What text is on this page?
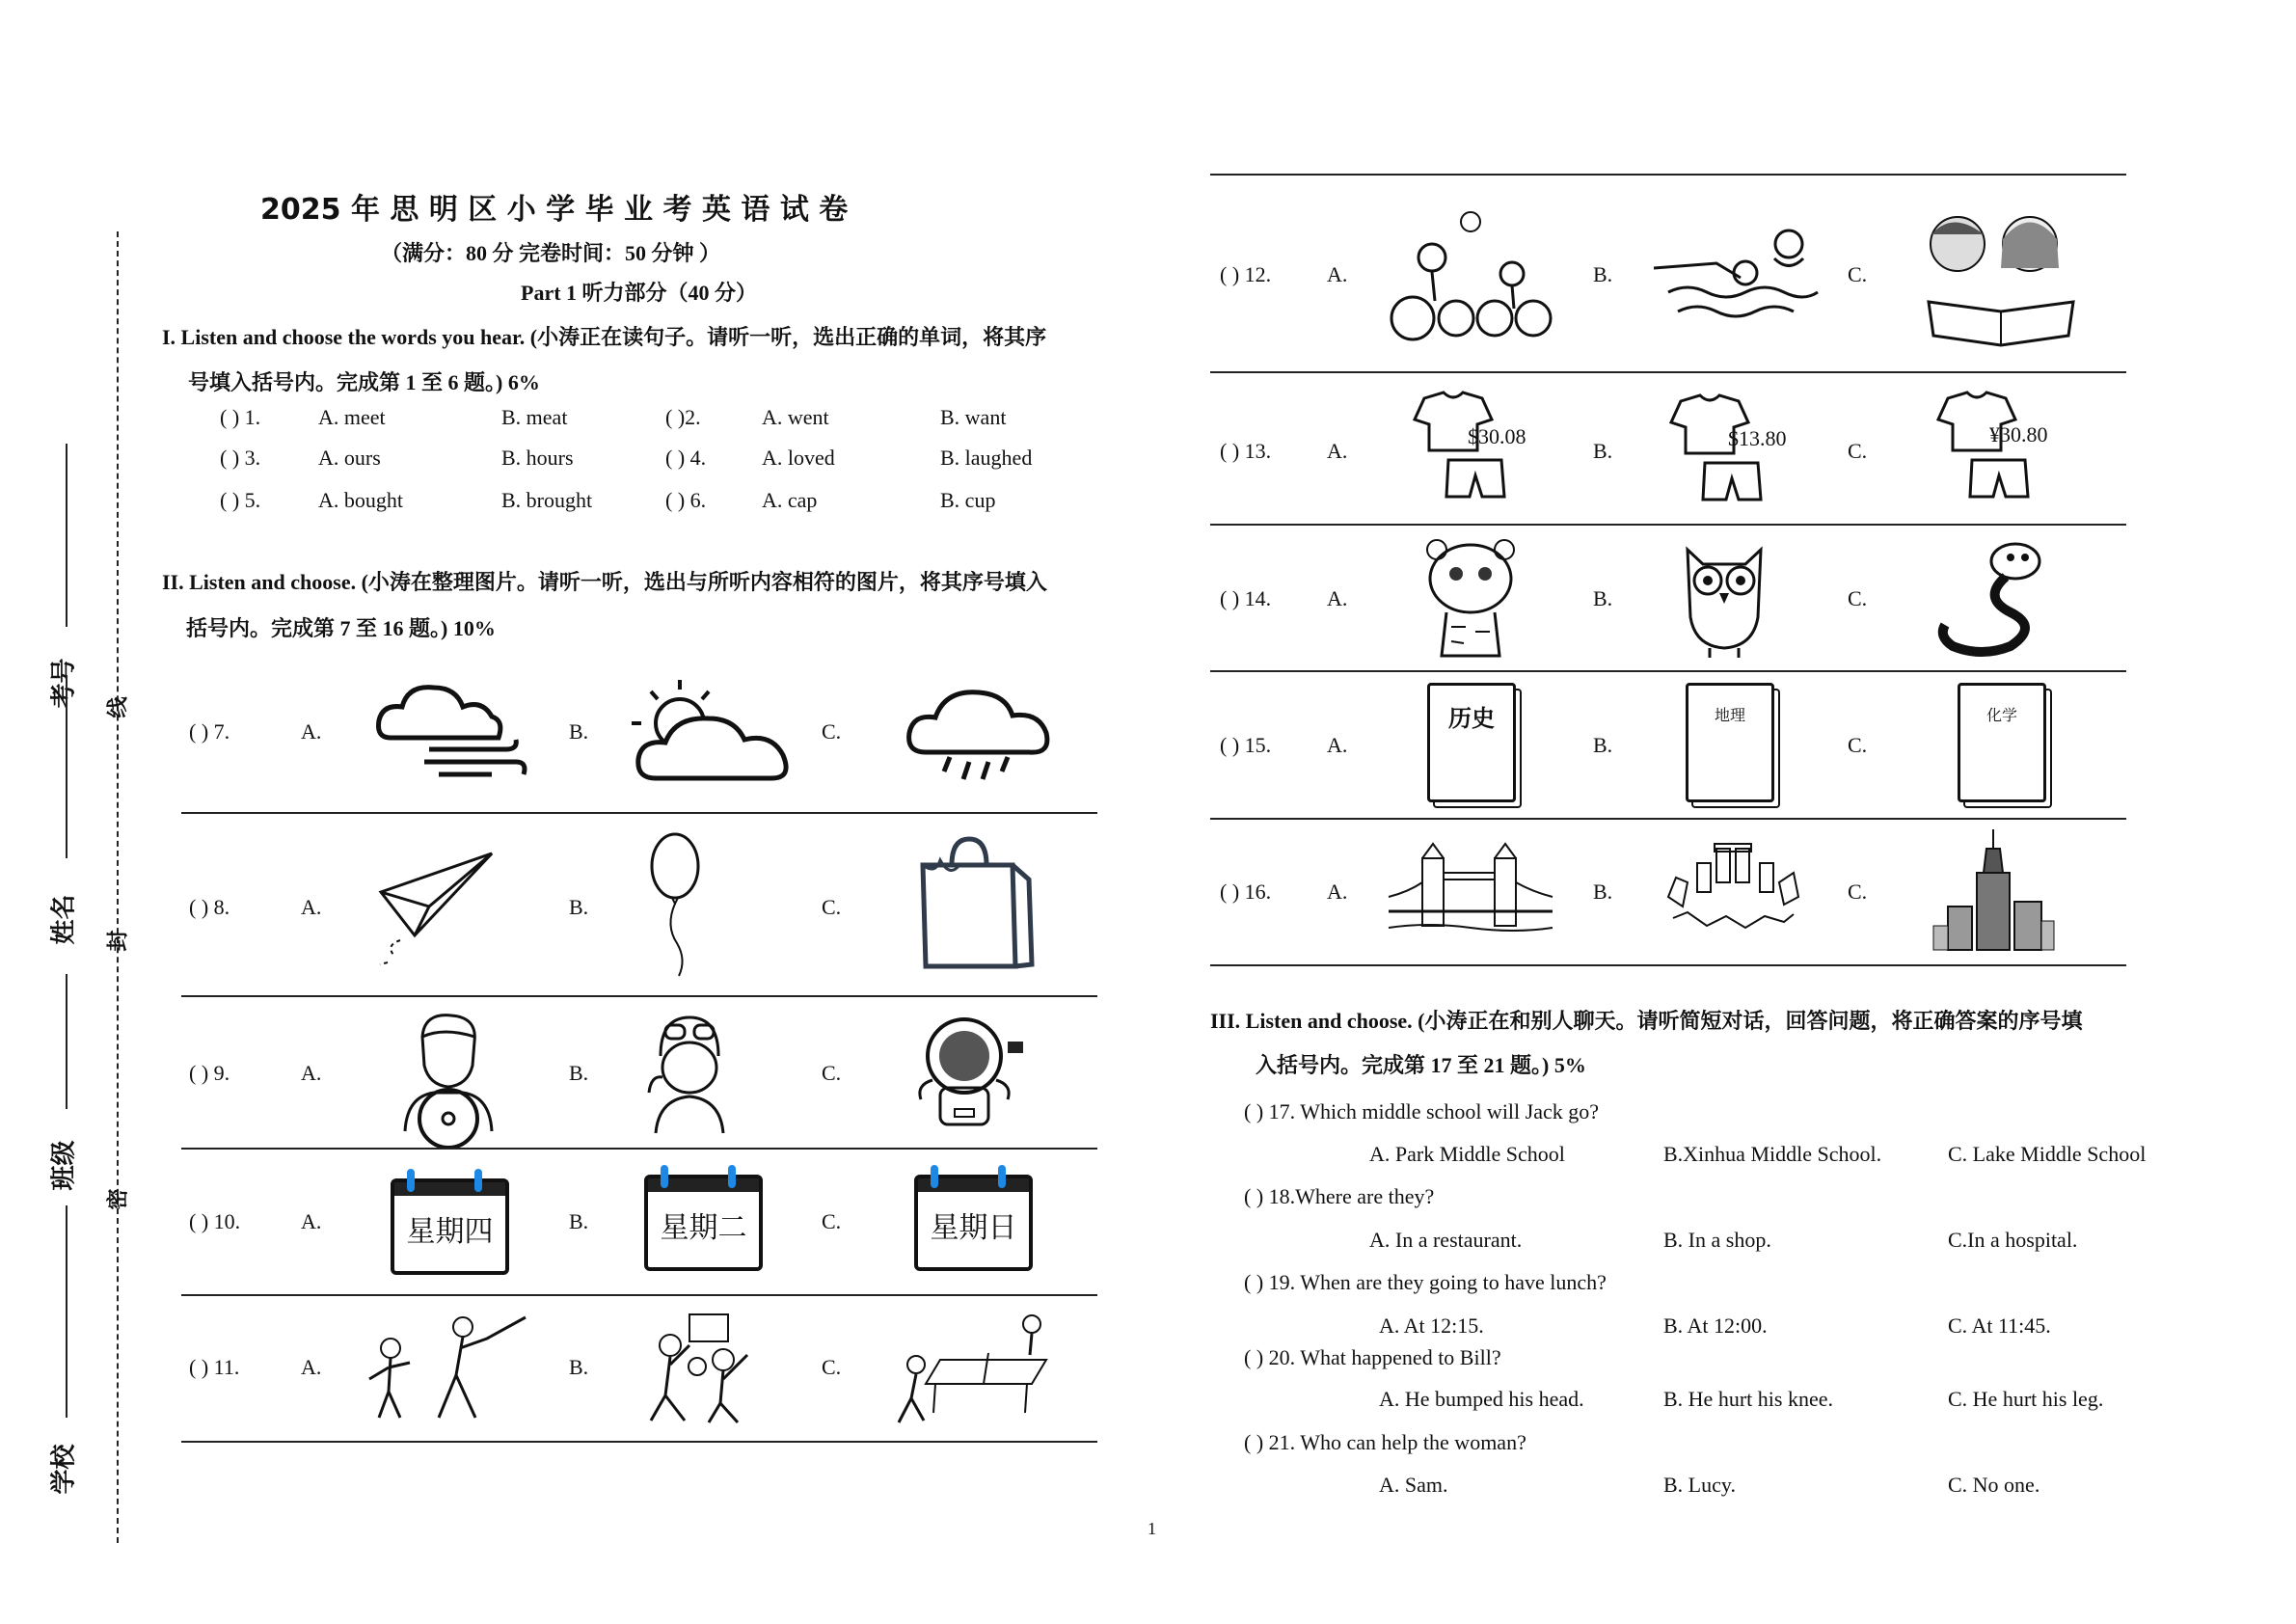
考号
姓名
班级
学校
线
封
密
2025 年 思 明 区 小 学 毕 业 考 英 语 试 卷
（满分：80 分 完卷时间：50 分钟 ）
Part 1 听力部分（40 分）
I. Listen and choose the words you hear. (小涛正在读句子。请听一听，选出正确的单词，将其序
号填入括号内。完成第 1 至 6 题。) 6%
( ) 1.	A. meet	B. meat	( )2.	A. went	B. want
( ) 3.	A. ours	B. hours	( ) 4.	A. loved	B. laughed
( ) 5.	A. bought	B. brought	( ) 6.	A. cap	B. cup
II. Listen and choose. (小涛在整理图片。请听一听，选出与所听内容相符的图片，将其序号填入
括号内。完成第 7 至 16 题。) 10%
( ) 7.	A.	B.	C.
( ) 8.	A.	B.	C.
( ) 9.	A.	B.	C.
( ) 10.	A.	B.	C.
星期四	星期二	星期日
( ) 11.	A.	B.	C.
( ) 12.	A.	B.	C.
( ) 13.	A.	B.	C.
$30.08	$13.80	¥30.80
( ) 14.	A.	B.	C.
( ) 15.	A.	B.	C.
历史	地理	化学
( ) 16.	A.	B.	C.
III. Listen and choose. (小涛正在和别人聊天。请听简短对话，回答问题，将正确答案的序号填
入括号内。完成第 17 至 21 题。) 5%
( ) 17. Which middle school will Jack go?
A. Park Middle School	B.Xinhua Middle School.	C. Lake Middle School
( ) 18.Where are they?
A. In a restaurant.	B. In a shop.	C.In a hospital.
( ) 19. When are they going to have lunch?
A. At 12:15.	B. At 12:00.	C. At 11:45.
( ) 20. What happened to Bill?
A. He bumped his head.	B. He hurt his knee.	C. He hurt his leg.
( ) 21. Who can help the woman?
A. Sam.	B. Lucy.	C. No one.
1
